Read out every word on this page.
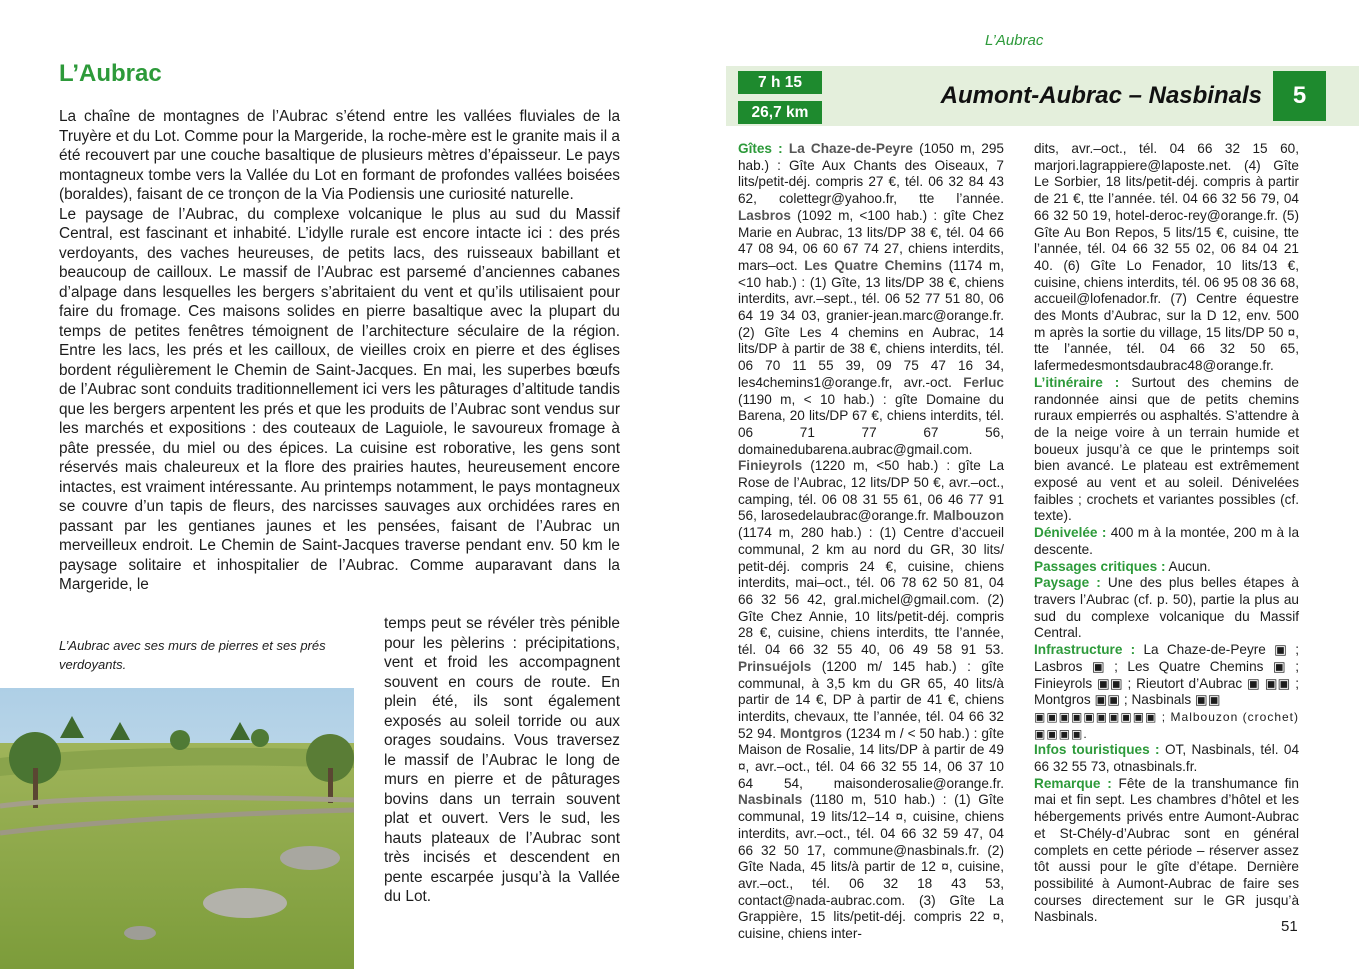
L’Aubrac

La chaîne de montagnes de l’Aubrac s’étend entre les vallées fluviales de la Truyère et du Lot. Comme pour la Margeride, la roche-mère est le granite mais il a été recouvert par une couche basaltique de plusieurs mètres d’épaisseur. Le pays montagneux tombe vers la Vallée du Lot en formant de profondes vallées boisées (boraldes), faisant de ce tronçon de la Via Podiensis une curiosité naturelle.

Le paysage de l’Aubrac, du complexe volcanique le plus au sud du Massif Central, est fascinant et inhabité. L’idylle rurale est encore intacte ici : des prés verdoyants, des vaches heureuses, de petits lacs, des ruisseaux babillant et beaucoup de cailloux. Le massif de l’Aubrac est parsemé d’anciennes cabanes d’alpage dans lesquelles les bergers s’abritaient du vent et qu’ils utilisaient pour faire du fromage. Ces maisons solides en pierre basaltique avec la plupart du temps de petites fenêtres témoignent de l’architecture séculaire de la région. Entre les lacs, les prés et les cailloux, de vieilles croix en pierre et des églises bordent régulièrement le Chemin de Saint-Jacques. En mai, les superbes bœufs de l’Aubrac sont conduits traditionnellement ici vers les pâturages d’altitude tandis que les bergers arpentent les prés et que les produits de l’Aubrac sont vendus sur les marchés et expositions : des couteaux de Laguiole, le savoureux fromage à pâte pressée, du miel ou des épices. La cuisine est roborative, les gens sont réservés mais chaleureux et la flore des prairies hautes, heureusement encore intactes, est vraiment intéressante. Au printemps notamment, le pays montagneux se couvre d’un tapis de fleurs, des narcisses sauvages aux orchidées rares en passant par les gentianes jaunes et les pensées, faisant de l’Aubrac un merveilleux endroit. Le Chemin de Saint-Jacques traverse pendant env. 50 km le paysage solitaire et inhospitalier de l’Aubrac. Comme auparavant dans la Margeride, le

L’Aubrac avec ses murs de pierres et ses prés verdoyants.
temps peut se révéler très pénible pour les pèlerins : précipitations, vent et froid les accompagnent souvent en cours de route. En plein été, ils sont également exposés au soleil torride ou aux orages soudains. Vous traversez le massif de l’Aubrac le long de murs en pierre et de pâturages bovins dans un terrain souvent plat et ouvert. Vers le sud, les hauts plateaux de l’Aubrac sont très incisés et descendent en pente escarpée jusqu’à la Vallée du Lot.
L’Aubrac
7 h 15
26,7 km
Aumont-Aubrac – Nasbinals	5

Gîtes : La Chaze-de-Peyre (1050 m, 295 hab.) : Gîte Aux Chants des Oiseaux, 7 lits/petit-déj. compris 27 €, tél. 06 32 84 43 62, colettegr@yahoo.fr, tte l’année. Lasbros (1092 m, <100 hab.) : gîte Chez Marie en Aubrac, 13 lits/DP 38 €, tél. 04 66 47 08 94, 06 60 67 74 27, chiens interdits, mars–oct. Les Quatre Chemins (1174 m, <10 hab.) : (1) Gîte, 13 lits/DP 38 €, chiens interdits, avr.–sept., tél. 06 52 77 51 80, 06 64 19 34 03, granier-jean.marc@orange.fr. (2) Gîte Les 4 chemins en Aubrac, 14 lits/DP à partir de 38 €, chiens interdits, tél. 06 70 11 55 39, 09 75 47 16 34, les4chemins1@orange.fr, avr.-oct. Ferluc (1190 m, < 10 hab.) : gîte Domaine du Barena, 20 lits/DP 67 €, chiens interdits, tél. 06 71 77 67 56, domainedubarena.aubrac@gmail.com. Finieyrols (1220 m, <50 hab.) : gîte La Rose de l’Aubrac, 12 lits/DP 50 €, avr.–oct., camping, tél. 06 08 31 55 61, 06 46 77 91 56, larosedelaubrac@orange.fr. Malbouzon (1174 m, 280 hab.) : (1) Centre d’accueil communal, 2 km au nord du GR, 30 lits/ petit-déj. compris 24 €, cuisine, chiens interdits, mai–oct., tél. 06 78 62 50 81, 04 66 32 56 42, gral.michel@gmail.com. (2) Gîte Chez Annie, 10 lits/petit-déj. compris 28 €, cuisine, chiens interdits, tte l’année, tél. 04 66 32 55 40, 06 49 58 91 53. Prinsuéjols (1200 m/ 145 hab.) : gîte communal, à 3,5 km du GR 65, 40 lits/à partir de 14 €, DP à partir de 41 €, chiens interdits, chevaux, tte l’année, tél. 04 66 32 52 94. Montgros (1234 m / < 50 hab.) : gîte Maison de Rosalie, 14 lits/DP à partir de 49 ¤, avr.–oct., tél. 04 66 32 55 14, 06 37 10 64 54, maisonderosalie@orange.fr. Nasbinals (1180 m, 510 hab.) : (1) Gîte communal, 19 lits/12–14 ¤, cuisine, chiens interdits, avr.–oct., tél. 04 66 32 59 47, 04 66 32 50 17, commune@nasbinals.fr. (2) Gîte Nada, 45 lits/à partir de 12 ¤, cuisine, avr.–oct., tél. 06 32 18 43 53, contact@nada-aubrac.com. (3) Gîte La Grappière, 15 lits/petit-déj. compris 22 ¤, cuisine, chiens inter-

dits, avr.–oct., tél. 04 66 32 15 60, marjori.lagrappiere@laposte.net. (4) Gîte Le Sorbier, 18 lits/petit-déj. compris à partir de 21 €, tte l’année. tél. 04 66 32 56 79, 04 66 32 50 19, hotel-deroc-rey@orange.fr. (5) Gîte Au Bon Repos, 5 lits/15 €, cuisine, tte l’année, tél. 04 66 32 55 02, 06 84 04 21 40. (6) Gîte Lo Fenador, 10 lits/13 €, cuisine, chiens interdits, tél. 06 95 08 36 68, accueil@lofenador.fr. (7) Centre équestre des Monts d’Aubrac, sur la D 12, env. 500 m après la sortie du village, 15 lits/DP 50 ¤, tte l’année, tél. 04 66 32 50 65, lafermedesmontsdaubrac48@orange.fr.

L’itinéraire : Surtout des chemins de randonnée ainsi que de petits chemins ruraux empierrés ou asphaltés. S’attendre à de la neige voire à un terrain humide et boueux jusqu’à ce que le printemps soit bien avancé. Le plateau est extrêmement exposé au vent et au soleil. Dénivelées faibles ; crochets et variantes possibles (cf. texte).

Dénivelée : 400 m à la montée, 200 m à la descente.

Passages critiques : Aucun.

Paysage : Une des plus belles étapes à travers l’Aubrac (cf. p. 50), partie la plus au sud du complexe volcanique du Massif Central.

Infrastructure : La Chaze-de-Peyre ▣ ; Lasbros ▣ ; Les Quatre Chemins ▣ ; Finieyrols ▣▣ ; Rieutort d’Aubrac ▣ ▣▣ ; Montgros ▣▣ ; Nasbinals ▣▣
▣▣▣▣▣▣▣▣▣▣ ; Malbouzon (crochet) ▣▣▣▣.

Infos touristiques : OT, Nasbinals, tél. 04 66 32 55 73, otnasbinals.fr.

Remarque : Fête de la transhumance fin mai et fin sept. Les chambres d’hôtel et les hébergements privés entre Aumont-Aubrac et St-Chély-d’Aubrac sont en général complets en cette période – réserver assez tôt aussi pour le gîte d’étape. Dernière possibilité à Aumont-Aubrac de faire ses courses directement sur le GR jusqu’à Nasbinals.

51
